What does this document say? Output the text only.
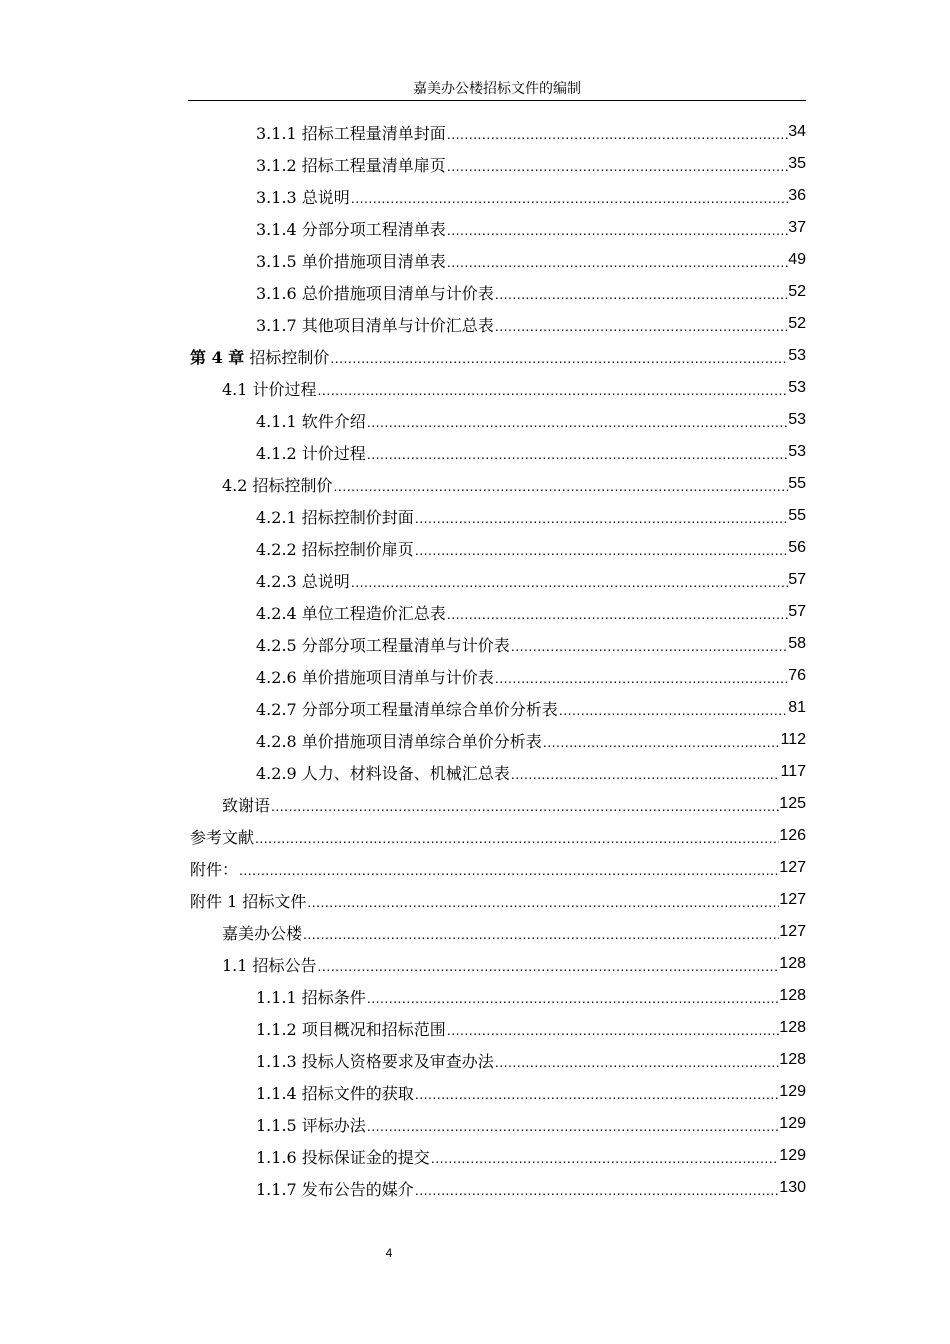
嘉美办公楼招标文件的编制
3.1.1 招标工程量清单封面 .....	34
3.1.2 招标工程量清单扉页 .....	35
3.1.3 总说明 .....	36
3.1.4 分部分项工程清单表 .....	37
3.1.5 单价措施项目清单表 .....	49
3.1.6 总价措施项目清单与计价表 .....	52
3.1.7 其他项目清单与计价汇总表 .....	52
第 4 章 招标控制价 .....	53
4.1 计价过程 .....	53
4.1.1 软件介绍 .....	53
4.1.2 计价过程 .....	53
4.2 招标控制价 .....	55
4.2.1 招标控制价封面 .....	55
4.2.2 招标控制价扉页 .....	56
4.2.3 总说明 .....	57
4.2.4 单位工程造价汇总表 .....	57
4.2.5 分部分项工程量清单与计价表 .....	58
4.2.6 单价措施项目清单与计价表 .....	76
4.2.7 分部分项工程量清单综合单价分析表 .....	81
4.2.8 单价措施项目清单综合单价分析表 .....	112
4.2.9 人力、材料设备、机械汇总表 .....	117
致谢语 .....	125
参考文献 .....	126
附件： .....	127
附件 1 招标文件 .....	127
嘉美办公楼 .....	127
1.1 招标公告 .....	128
1.1.1 招标条件 .....	128
1.1.2 项目概况和招标范围 .....	128
1.1.3 投标人资格要求及审查办法 .....	128
1.1.4 招标文件的获取 .....	129
1.1.5 评标办法 .....	129
1.1.6 投标保证金的提交 .....	129
1.1.7 发布公告的媒介 .....	130
4
